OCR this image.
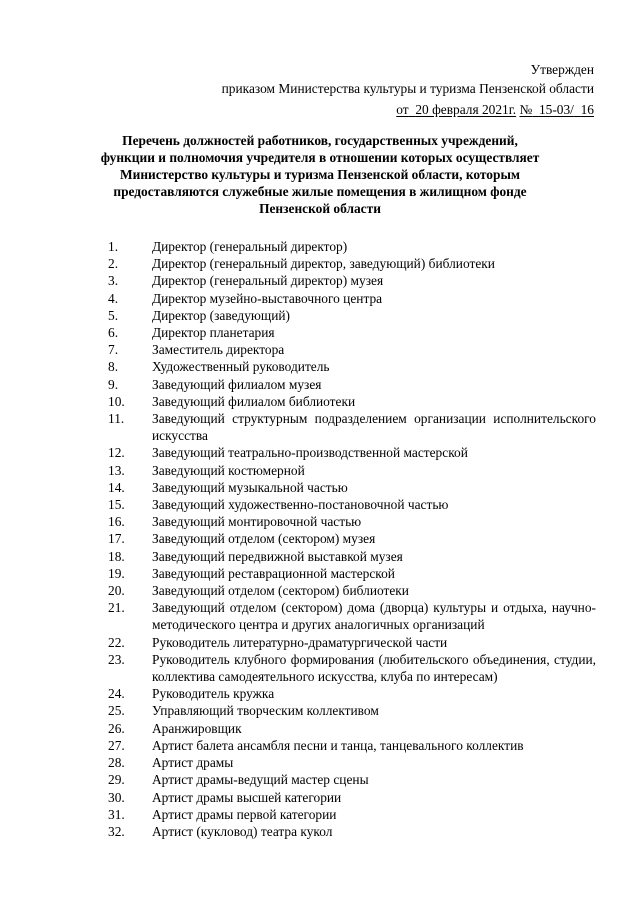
Утвержден
приказом Министерства культуры и туризма Пензенской области
от 20 февраля 2021г. № 15-03/ 16
Перечень должностей работников, государственных учреждений,
функции и полномочия учредителя в отношении которых осуществляет
Министерство культуры и туризма Пензенской области, которым
предоставляются служебные жилые помещения в жилищном фонде
Пензенской области
1.	Директор (генеральный директор)
2.	Директор (генеральный директор, заведующий) библиотеки
3.	Директор (генеральный директор) музея
4.	Директор музейно-выставочного центра
5.	Директор (заведующий)
6.	Директор планетария
7.	Заместитель директора
8.	Художественный руководитель
9.	Заведующий филиалом музея
10.	Заведующий филиалом библиотеки
11.	Заведующий структурным подразделением организации исполнительского искусства
12.	Заведующий театрально-производственной мастерской
13.	Заведующий костюмерной
14.	Заведующий музыкальной частью
15.	Заведующий художественно-постановочной частью
16.	Заведующий монтировочной частью
17.	Заведующий отделом (сектором) музея
18.	Заведующий передвижной выставкой музея
19.	Заведующий реставрационной мастерской
20.	Заведующий отделом (сектором) библиотеки
21.	Заведующий отделом (сектором) дома (дворца) культуры и отдыха, научно-методического центра и других аналогичных организаций
22.	Руководитель литературно-драматургической части
23.	Руководитель клубного формирования (любительского объединения, студии, коллектива самодеятельного искусства, клуба по интересам)
24.	Руководитель кружка
25.	Управляющий творческим коллективом
26.	Аранжировщик
27.	Артист балета ансамбля песни и танца, танцевального коллектив
28.	Артист драмы
29.	Артист драмы-ведущий мастер сцены
30.	Артист драмы высшей категории
31.	Артист драмы первой категории
32.	Артист (кукловод) театра кукол
